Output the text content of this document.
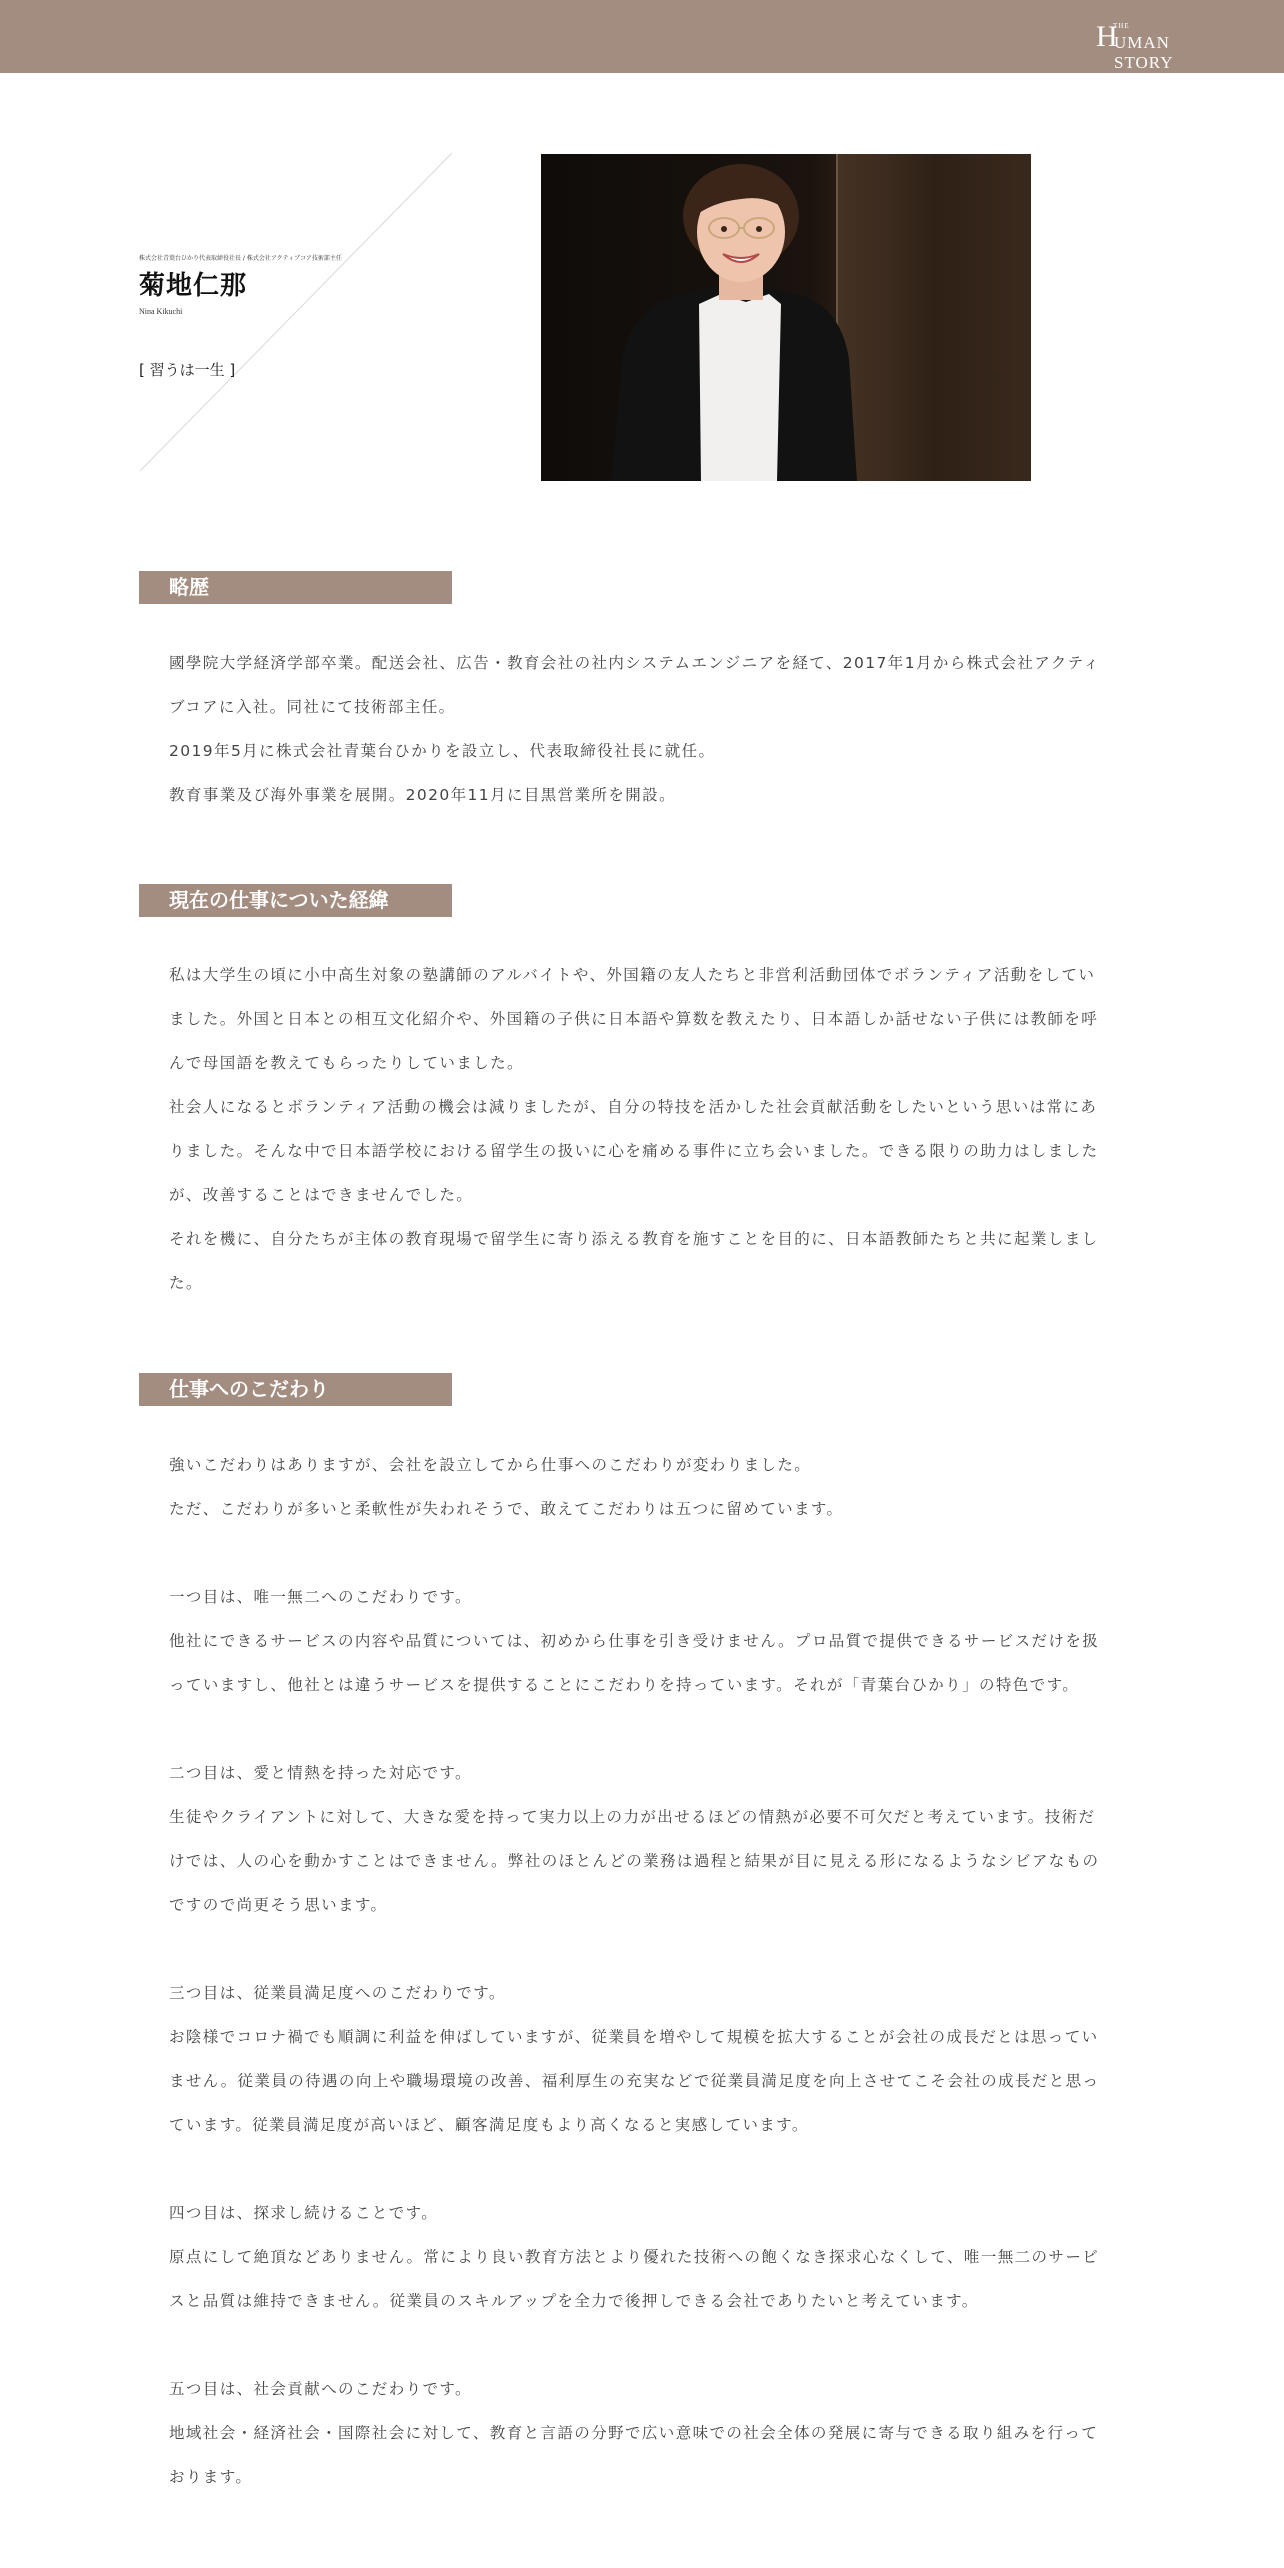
H
THE
UMAN STORY
株式会社青葉台ひかり代表取締役社長 / 株式会社アクティブコア技術部主任
菊地仁那
Nina Kikuchi
[ 習うは一生 ]
略歴

國學院大学経済学部卒業。配送会社、広告・教育会社の社内システムエンジニアを経て、2017年1月から株式会社アクティブコアに入社。同社にて技術部主任。

2019年5月に株式会社青葉台ひかりを設立し、代表取締役社長に就任。

教育事業及び海外事業を展開。2020年11月に目黒営業所を開設。

現在の仕事についた経緯

私は大学生の頃に小中高生対象の塾講師のアルバイトや、外国籍の友人たちと非営利活動団体でボランティア活動をしていました。外国と日本との相互文化紹介や、外国籍の子供に日本語や算数を教えたり、日本語しか話せない子供には教師を呼んで母国語を教えてもらったりしていました。

社会人になるとボランティア活動の機会は減りましたが、自分の特技を活かした社会貢献活動をしたいという思いは常にありました。そんな中で日本語学校における留学生の扱いに心を痛める事件に立ち会いました。できる限りの助力はしましたが、改善することはできませんでした。

それを機に、自分たちが主体の教育現場で留学生に寄り添える教育を施すことを目的に、日本語教師たちと共に起業しました。

仕事へのこだわり

強いこだわりはありますが、会社を設立してから仕事へのこだわりが変わりました。

ただ、こだわりが多いと柔軟性が失われそうで、敢えてこだわりは五つに留めています。

一つ目は、唯一無二へのこだわりです。

他社にできるサービスの内容や品質については、初めから仕事を引き受けません。プロ品質で提供できるサービスだけを扱っていますし、他社とは違うサービスを提供することにこだわりを持っています。それが「青葉台ひかり」の特色です。

二つ目は、愛と情熱を持った対応です。

生徒やクライアントに対して、大きな愛を持って実力以上の力が出せるほどの情熱が必要不可欠だと考えています。技術だけでは、人の心を動かすことはできません。弊社のほとんどの業務は過程と結果が目に見える形になるようなシビアなものですので尚更そう思います。

三つ目は、従業員満足度へのこだわりです。

お陰様でコロナ禍でも順調に利益を伸ばしていますが、従業員を増やして規模を拡大することが会社の成長だとは思っていません。従業員の待遇の向上や職場環境の改善、福利厚生の充実などで従業員満足度を向上させてこそ会社の成長だと思っています。従業員満足度が高いほど、顧客満足度もより高くなると実感しています。

四つ目は、探求し続けることです。

原点にして絶頂などありません。常により良い教育方法とより優れた技術への飽くなき探求心なくして、唯一無二のサービスと品質は維持できません。従業員のスキルアップを全力で後押しできる会社でありたいと考えています。

五つ目は、社会貢献へのこだわりです。

地域社会・経済社会・国際社会に対して、教育と言語の分野で広い意味での社会全体の発展に寄与できる取り組みを行っております。
